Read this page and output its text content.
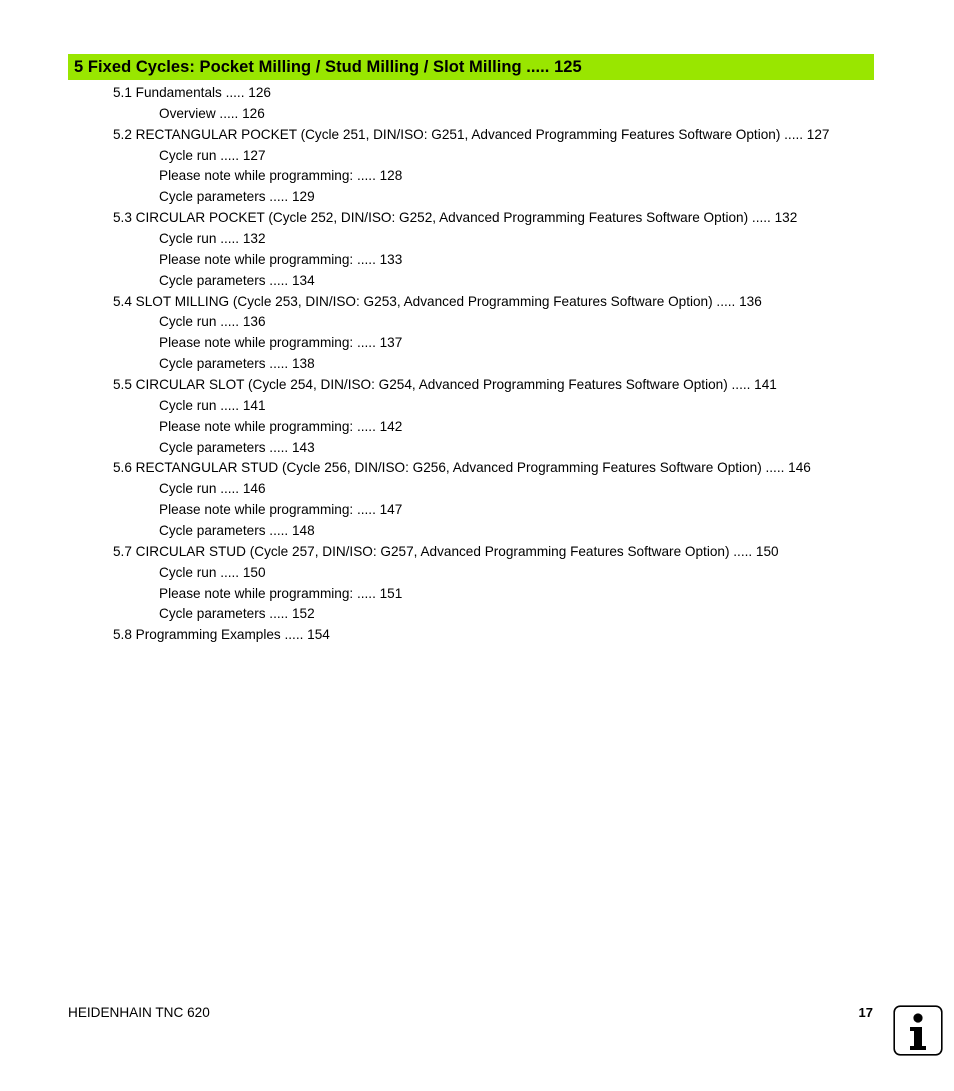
5 Fixed Cycles: Pocket Milling / Stud Milling / Slot Milling ..... 125
5.1 Fundamentals ..... 126
Overview ..... 126
5.2 RECTANGULAR POCKET (Cycle 251, DIN/ISO: G251, Advanced Programming Features Software Option) ..... 127
Cycle run ..... 127
Please note while programming: ..... 128
Cycle parameters ..... 129
5.3 CIRCULAR POCKET (Cycle 252, DIN/ISO: G252, Advanced Programming Features Software Option) ..... 132
Cycle run ..... 132
Please note while programming: ..... 133
Cycle parameters ..... 134
5.4 SLOT MILLING (Cycle 253, DIN/ISO: G253, Advanced Programming Features Software Option) ..... 136
Cycle run ..... 136
Please note while programming: ..... 137
Cycle parameters ..... 138
5.5 CIRCULAR SLOT (Cycle 254, DIN/ISO: G254, Advanced Programming Features Software Option) ..... 141
Cycle run ..... 141
Please note while programming: ..... 142
Cycle parameters ..... 143
5.6 RECTANGULAR STUD (Cycle 256, DIN/ISO: G256, Advanced Programming Features Software Option) ..... 146
Cycle run ..... 146
Please note while programming: ..... 147
Cycle parameters ..... 148
5.7 CIRCULAR STUD (Cycle 257, DIN/ISO: G257, Advanced Programming Features Software Option) ..... 150
Cycle run ..... 150
Please note while programming: ..... 151
Cycle parameters ..... 152
5.8 Programming Examples ..... 154
HEIDENHAIN TNC 620	17
